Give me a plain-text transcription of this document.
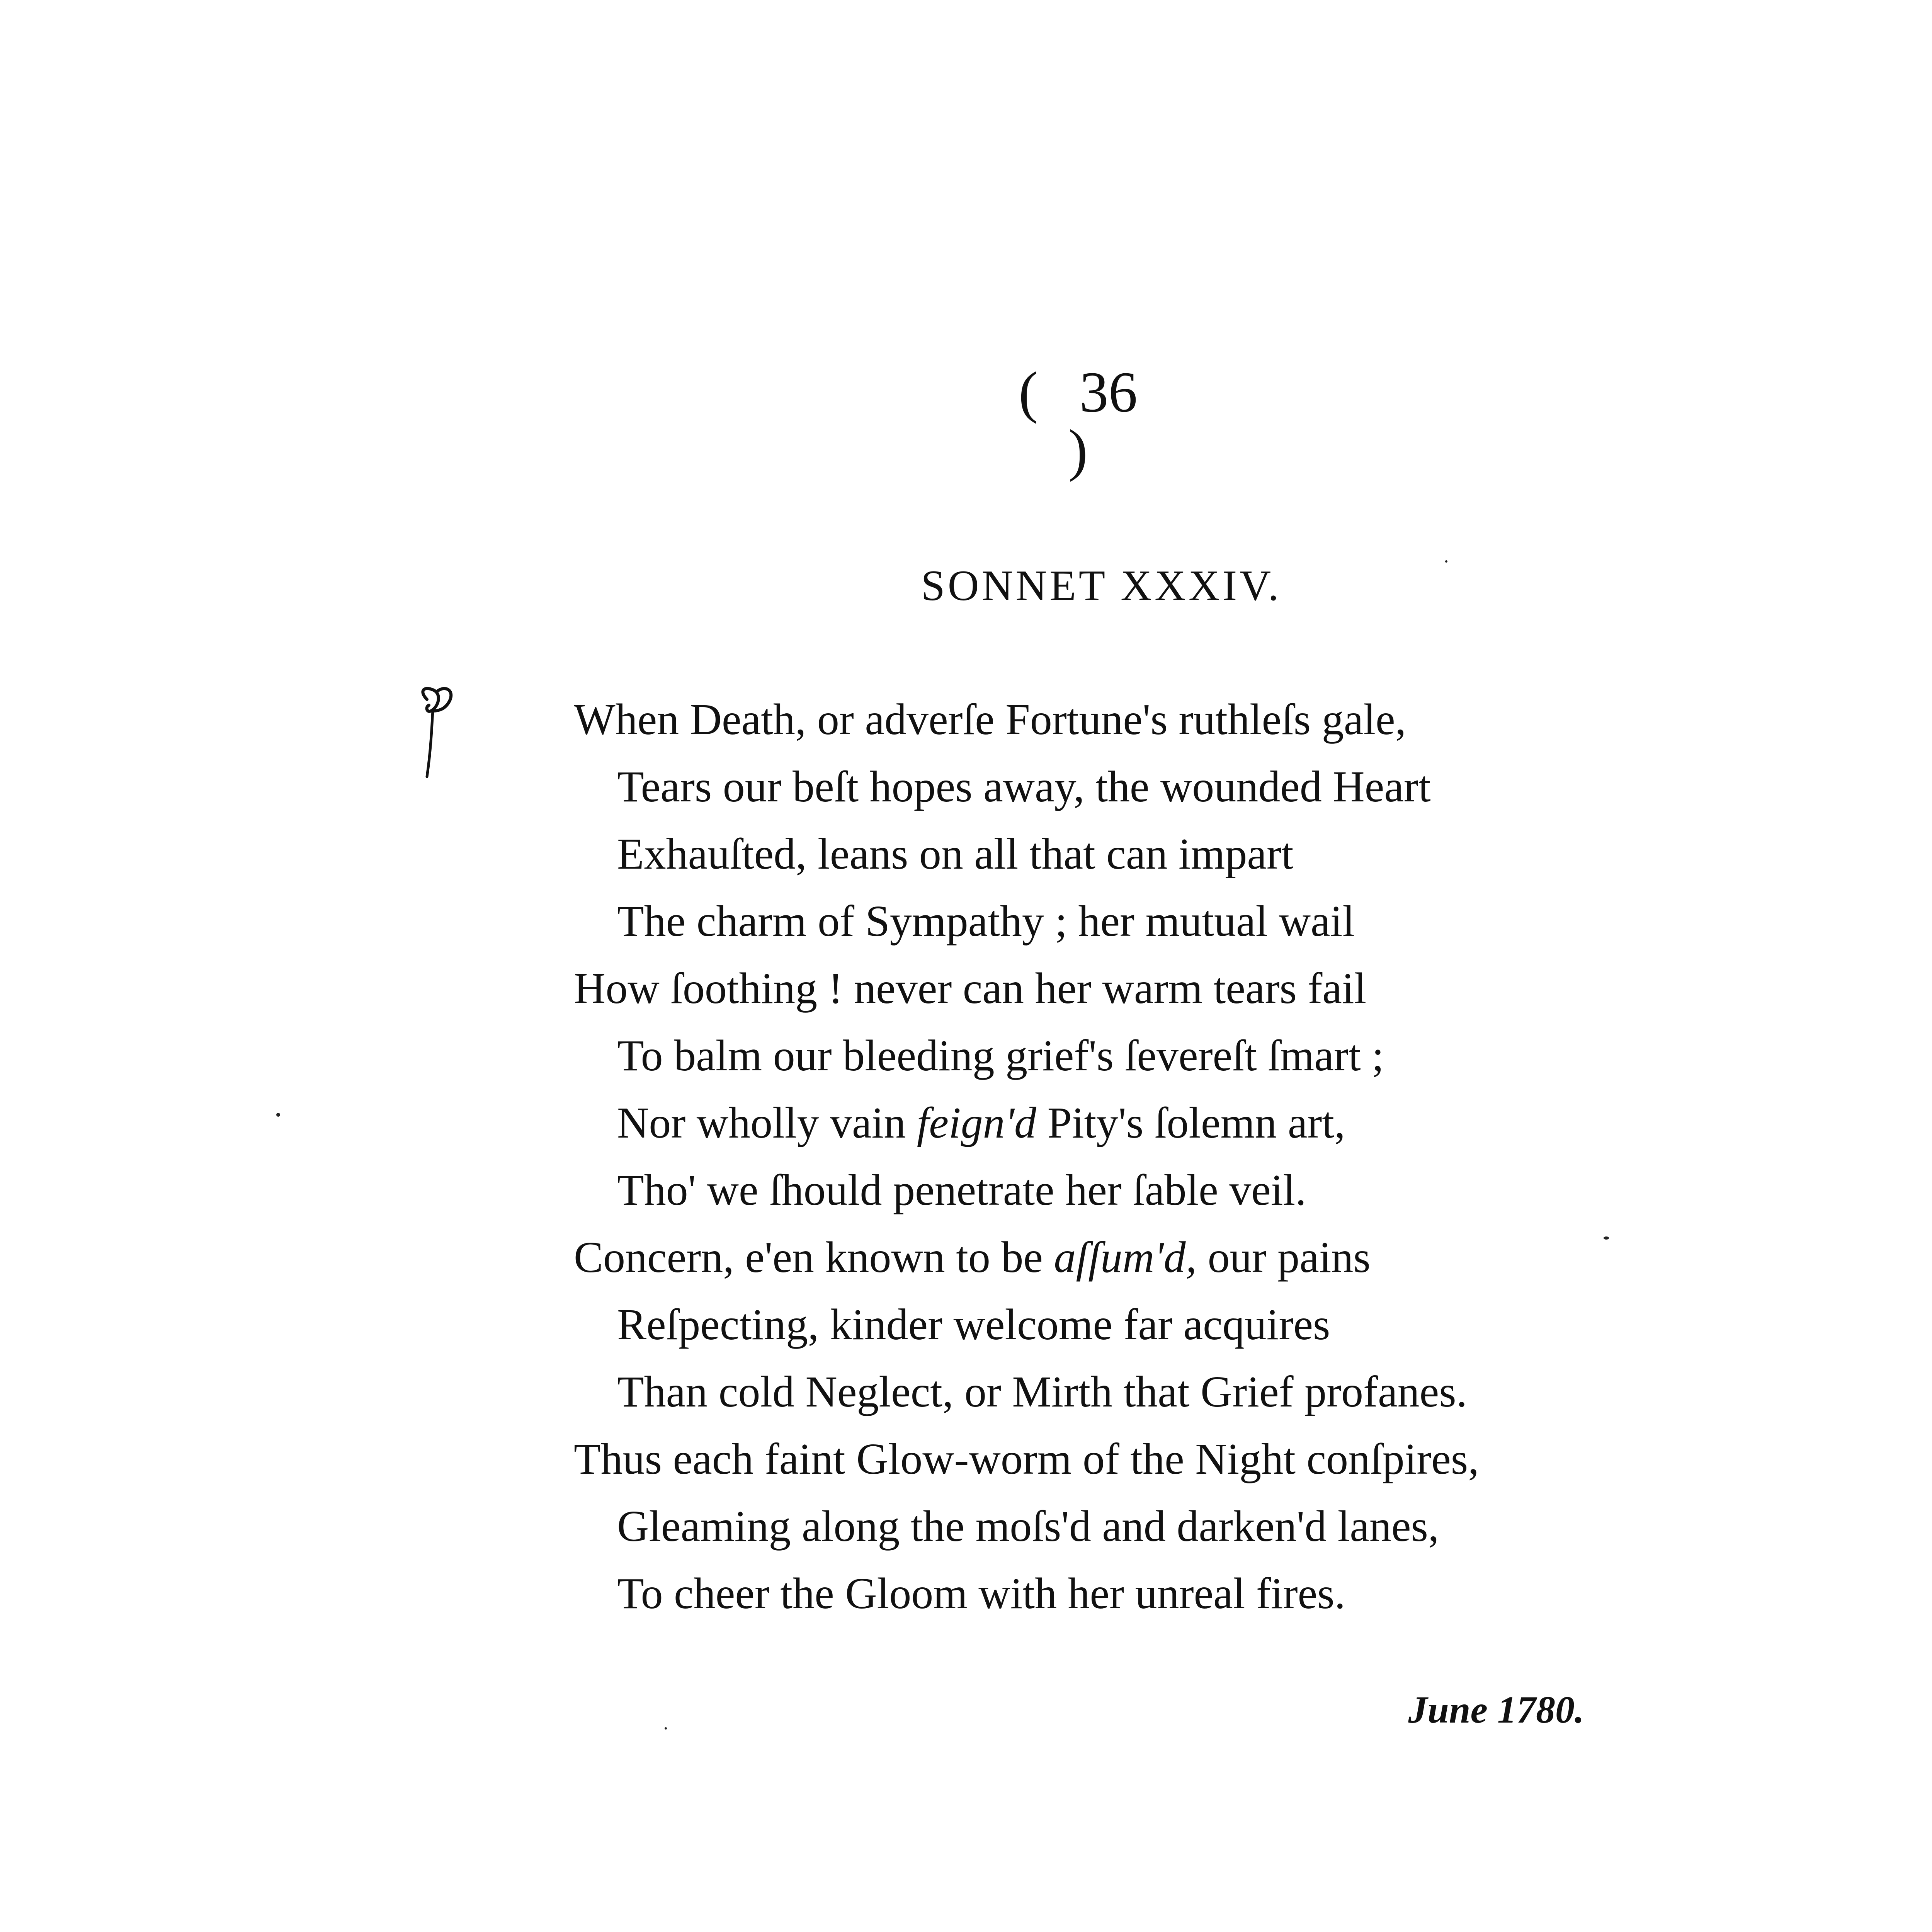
( 36 )
SONNET XXXIV.
When Death, or adverſe Fortune's ruthleſs gale,
Tears our beſt hopes away, the wounded Heart
Exhauſted, leans on all that can impart
The charm of Sympathy ; her mutual wail
How ſoothing ! never can her warm tears fail
To balm our bleeding grief's ſevereſt ſmart ;
Nor wholly vain feign'd Pity's ſolemn art,
Tho' we ſhould penetrate her ſable veil.
Concern, e'en known to be aſſum'd, our pains
Reſpecting, kinder welcome far acquires
Than cold Neglect, or Mirth that Grief profanes.
Thus each faint Glow-worm of the Night conſpires,
Gleaming along the moſs'd and darken'd lanes,
To cheer the Gloom with her unreal fires.
June 1780.
